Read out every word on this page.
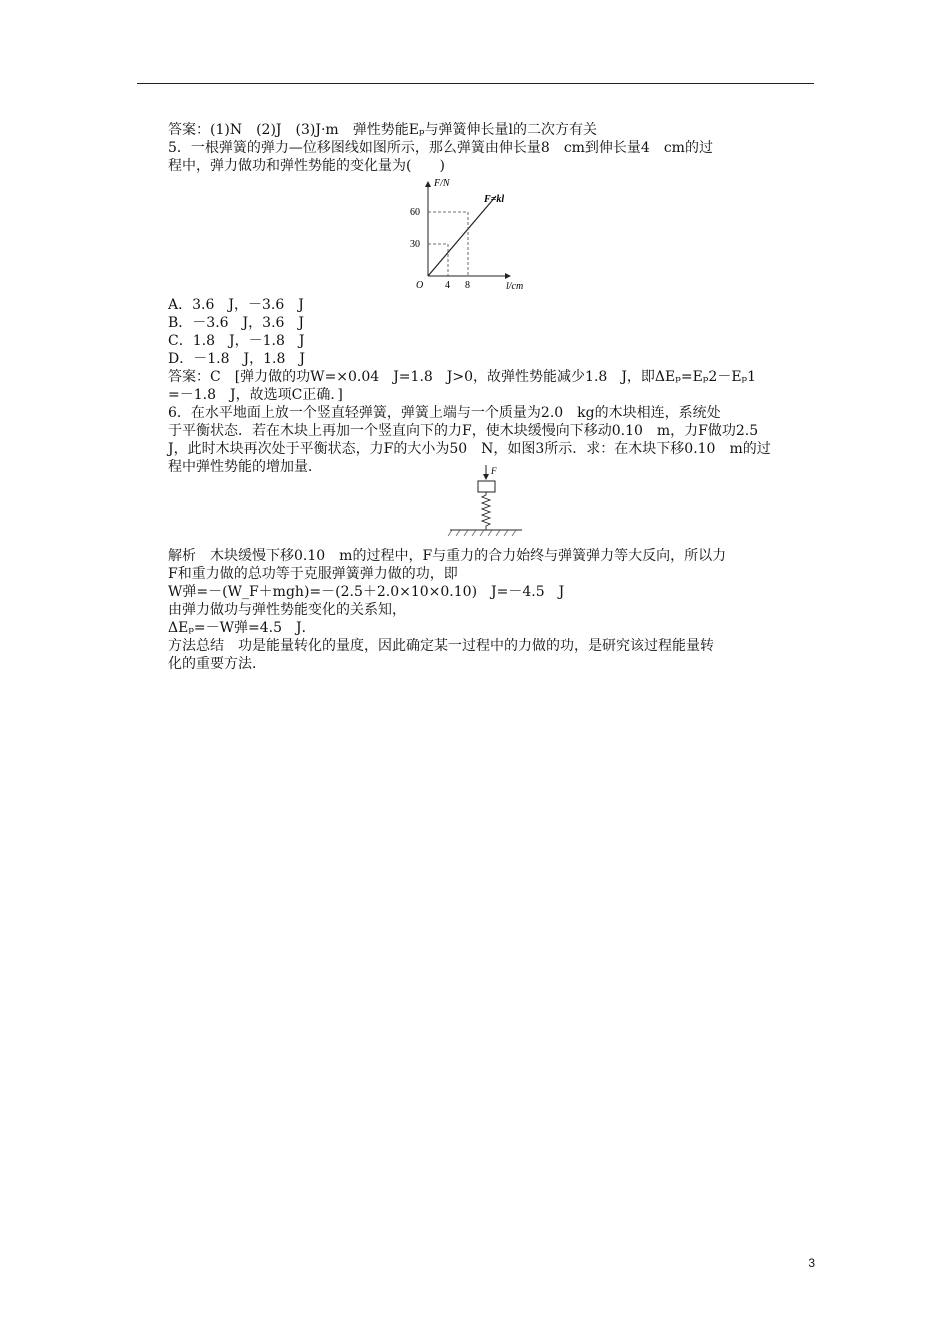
答案：(1)N　(2)J　(3)J·m　弹性势能Eₚ与弹簧伸长量l的二次方有关
5．一根弹簧的弹力—位移图线如图所示，那么弹簧由伸长量8　cm到伸长量4　cm的过
程中，弹力做功和弹性势能的变化量为(　　)
F/N
l/cm
O
30
60
4 8
F=kl
A．3.6　J，－3.6　J
B．－3.6　J，3.6　J
C．1.8　J，－1.8　J
D．－1.8　J，1.8　J
答案：C　[弹力做的功W=×0.04　J=1.8　J>0，故弹性势能减少1.8　J，即ΔEₚ=Eₚ2－Eₚ1
=－1.8　J，故选项C正确．]
6．在水平地面上放一个竖直轻弹簧，弹簧上端与一个质量为2.0　kg的木块相连，系统处
于平衡状态．若在木块上再加一个竖直向下的力F，使木块缓慢向下移动0.10　m，力F做功2.5
J，此时木块再次处于平衡状态，力F的大小为50　N，如图3所示．求：在木块下移0.10　m的过
程中弹性势能的增加量．	F
解析　木块缓慢下移0.10　m的过程中，F与重力的合力始终与弹簧弹力等大反向，所以力
F和重力做的总功等于克服弹簧弹力做的功，即
W弹=－(W_F＋mgh)=－(2.5＋2.0×10×0.10)　J=－4.5　J
由弹力做功与弹性势能变化的关系知，
ΔEₚ=－W弹=4.5　J．
方法总结　功是能量转化的量度，因此确定某一过程中的力做的功，是研究该过程能量转
化的重要方法．
3
